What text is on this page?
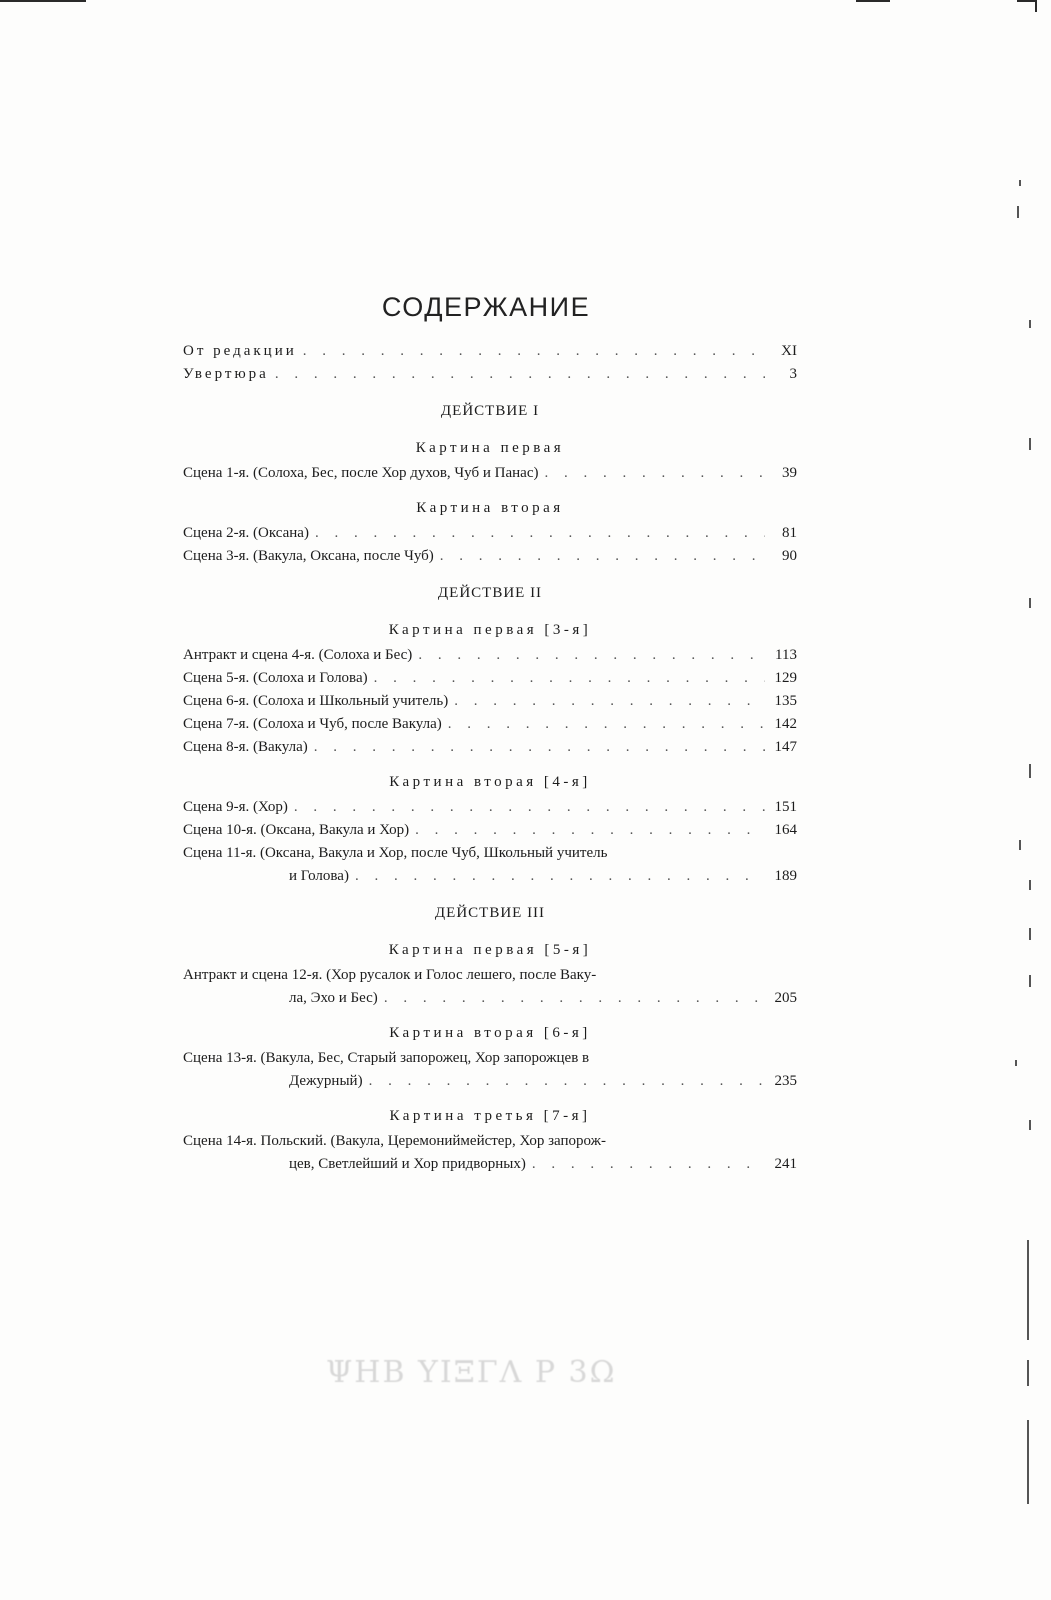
СОДЕРЖАНИЕ
От редакции . . .	XI
Увертюра . . .	3
ДЕЙСТВИЕ I
Картина первая
Сцена 1-я. (Солоха, Бес, после Хор духов, Чуб и Панас) . . .	39
Картина вторая
Сцена 2-я. (Оксана) . . .	81
Сцена 3-я. (Вакула, Оксана, после Чуб) . . .	90
ДЕЙСТВИЕ II
Картина первая [3-я]
Антракт и сцена 4-я. (Солоха и Бес) . . .	113
Сцена 5-я. (Солоха и Голова) . . .	129
Сцена 6-я. (Солоха и Школьный учитель) . . .	135
Сцена 7-я. (Солоха и Чуб, после Вакула) . . .	142
Сцена 8-я. (Вакула) . . .	147
Картина вторая [4-я]
Сцена 9-я. (Хор) . . .	151
Сцена 10-я. (Оксана, Вакула и Хор) . . .	164
Сцена 11-я. (Оксана, Вакула и Хор, после Чуб, Школьный учитель
и Голова) . . .	189
ДЕЙСТВИЕ III
Картина первая [5-я]
Антракт и сцена 12-я. (Хор русалок и Голос лешего, после Ваку-
ла, Эхо и Бес) . . .	205
Картина вторая [6-я]
Сцена 13-я. (Вакула, Бес, Старый запорожец, Хор запорожцев в
Дежурный) . . .	235
Картина третья [7-я]
Сцена 14-я. Польский. (Вакула, Церемониймейстер, Хор запорож-
цев, Светлейший и Хор придворных) . . .	241
ΨΗΒ ΥΙΞΓΛ Ρ 3Ω
